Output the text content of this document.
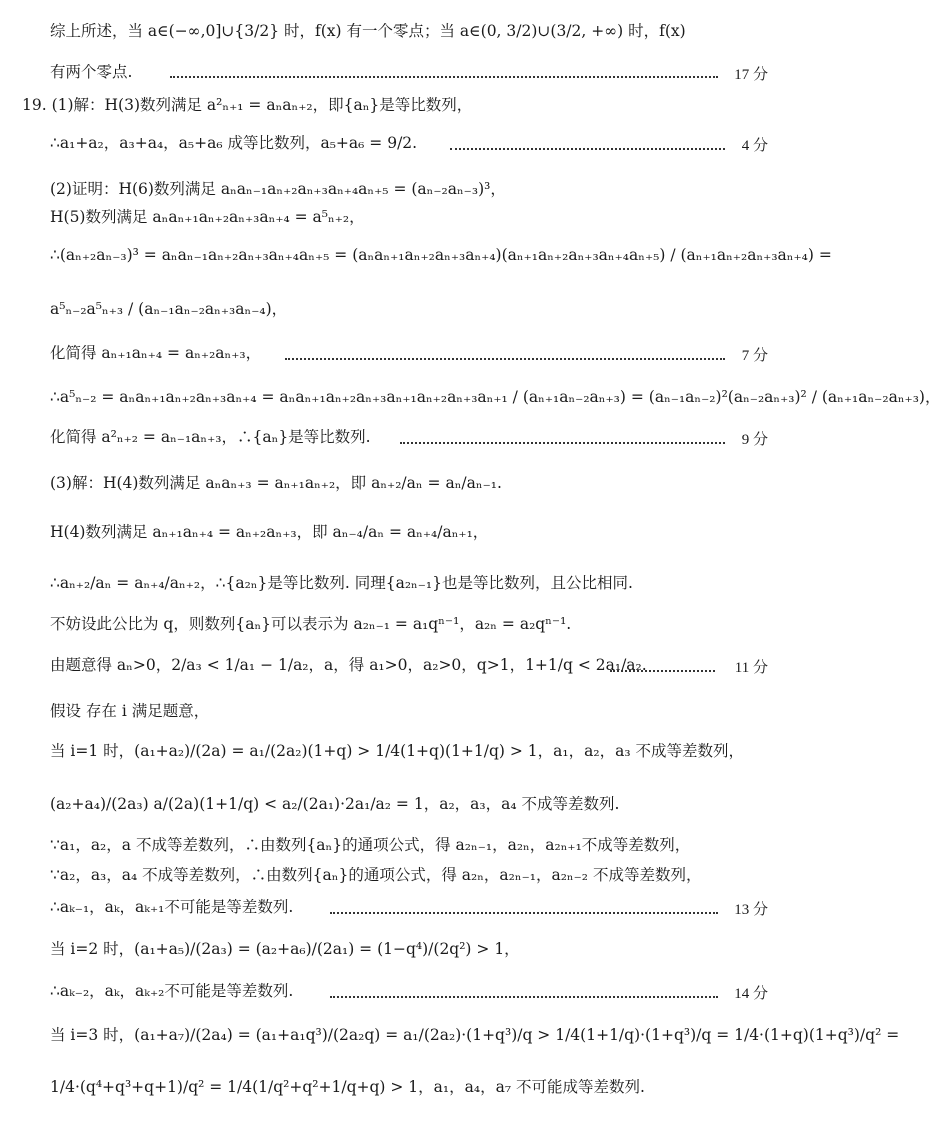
综上所述，当 a∈(−∞,0]∪{3/2} 时，f(x) 有一个零点；当 a∈(0, 3/2)∪(3/2, +∞) 时，f(x)
有两个零点.	17 分
19. (1)解：H(3)数列满足 a²ₙ₊₁ = aₙaₙ₊₂，即{aₙ}是等比数列，
∴a₁+a₂，a₃+a₄，a₅+a₆ 成等比数列，a₅+a₆ = 9/2.	4 分
(2)证明：H(6)数列满足 aₙaₙ₋₁aₙ₊₂aₙ₊₃aₙ₊₄aₙ₊₅ = (aₙ₋₂aₙ₋₃)³，
H(5)数列满足 aₙaₙ₊₁aₙ₊₂aₙ₊₃aₙ₊₄ = a⁵ₙ₊₂，
∴(aₙ₊₂aₙ₋₃)³ = aₙaₙ₋₁aₙ₊₂aₙ₊₃aₙ₊₄aₙ₊₅ = (aₙaₙ₊₁aₙ₊₂aₙ₊₃aₙ₊₄)(aₙ₊₁aₙ₊₂aₙ₊₃aₙ₊₄aₙ₊₅) / (aₙ₊₁aₙ₊₂aₙ₊₃aₙ₊₄) =
a⁵ₙ₋₂a⁵ₙ₊₃ / (aₙ₋₁aₙ₋₂aₙ₊₃aₙ₋₄)，
化简得 aₙ₊₁aₙ₊₄ = aₙ₊₂aₙ₊₃，	7 分
∴a⁵ₙ₋₂ = aₙaₙ₊₁aₙ₊₂aₙ₊₃aₙ₊₄ = aₙaₙ₊₁aₙ₊₂aₙ₊₃aₙ₊₁aₙ₊₂aₙ₊₃aₙ₊₁ / (aₙ₊₁aₙ₋₂aₙ₊₃) = (aₙ₋₁aₙ₋₂)²(aₙ₋₂aₙ₊₃)² / (aₙ₊₁aₙ₋₂aₙ₊₃)，
化简得 a²ₙ₊₂ = aₙ₋₁aₙ₊₃，∴{aₙ}是等比数列.	9 分
(3)解：H(4)数列满足 aₙaₙ₊₃ = aₙ₊₁aₙ₊₂，即 aₙ₊₂/aₙ = aₙ/aₙ₋₁.
H(4)数列满足 aₙ₊₁aₙ₊₄ = aₙ₊₂aₙ₊₃，即 aₙ₋₄/aₙ = aₙ₊₄/aₙ₊₁，
∴aₙ₊₂/aₙ = aₙ₊₄/aₙ₊₂，∴{a₂ₙ}是等比数列. 同理{a₂ₙ₋₁}也是等比数列，且公比相同.
不妨设此公比为 q，则数列{aₙ}可以表示为 a₂ₙ₋₁ = a₁qⁿ⁻¹，a₂ₙ = a₂qⁿ⁻¹.
由题意得 aₙ>0，2/a₃ < 1/a₁ − 1/a₂，a，得 a₁>0，a₂>0，q>1，1+1/q < 2a₁/a₂.	11 分
假设 存在 i 满足题意，
当 i=1 时，(a₁+a₂)/(2a) = a₁/(2a₂)(1+q) > 1/4(1+q)(1+1/q) > 1，a₁，a₂，a₃ 不成等差数列，
(a₂+a₄)/(2a₃) a/(2a)(1+1/q) < a₂/(2a₁)·2a₁/a₂ = 1，a₂，a₃，a₄ 不成等差数列.
∵a₁，a₂，a 不成等差数列，∴由数列{aₙ}的通项公式，得 a₂ₙ₋₁，a₂ₙ，a₂ₙ₊₁不成等差数列，
∵a₂，a₃，a₄ 不成等差数列，∴由数列{aₙ}的通项公式，得 a₂ₙ，a₂ₙ₋₁，a₂ₙ₋₂ 不成等差数列，
∴aₖ₋₁，aₖ，aₖ₊₁不可能是等差数列.	13 分
当 i=2 时，(a₁+a₅)/(2a₃) = (a₂+a₆)/(2a₁) = (1−q⁴)/(2q²) > 1，
∴aₖ₋₂，aₖ，aₖ₊₂不可能是等差数列.	14 分
当 i=3 时，(a₁+a₇)/(2a₄) = (a₁+a₁q³)/(2a₂q) = a₁/(2a₂)·(1+q³)/q > 1/4(1+1/q)·(1+q³)/q = 1/4·(1+q)(1+q³)/q² =
1/4·(q⁴+q³+q+1)/q² = 1/4(1/q²+q²+1/q+q) > 1，a₁，a₄，a₇ 不可能成等差数列.
